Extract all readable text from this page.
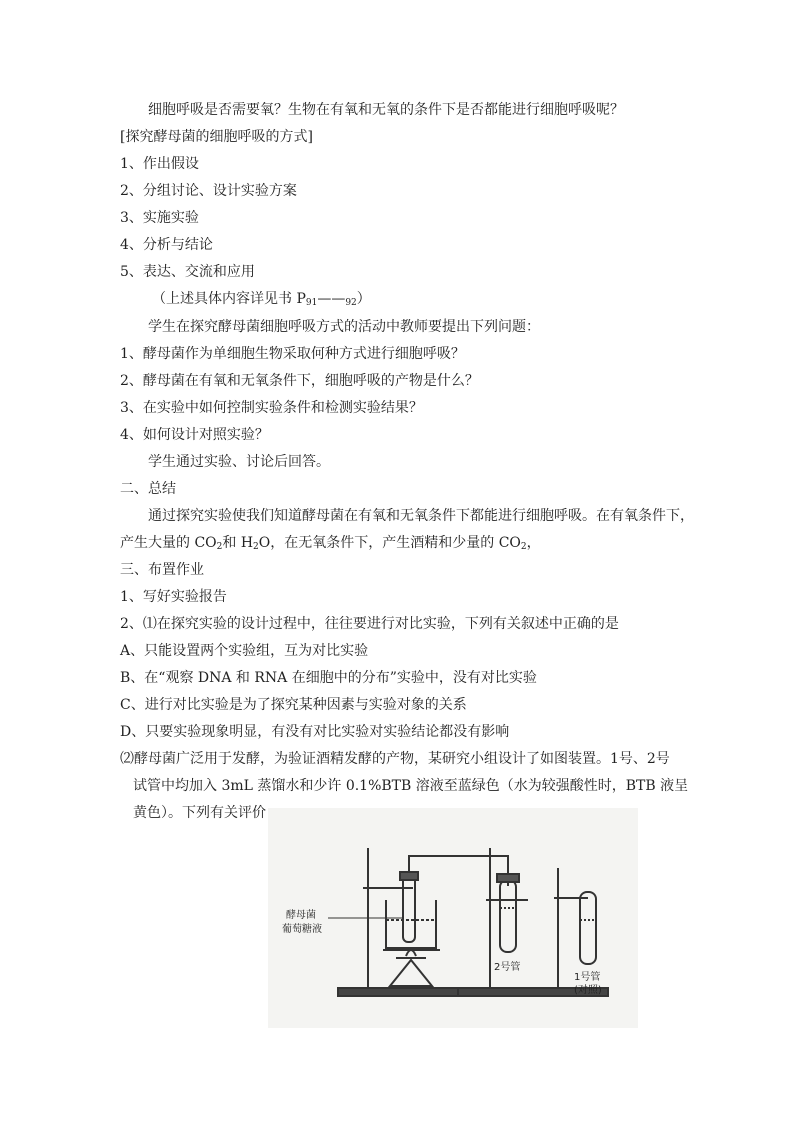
细胞呼吸是否需要氧？生物在有氧和无氧的条件下是否都能进行细胞呼吸呢？
[探究酵母菌的细胞呼吸的方式]
1、作出假设
2、分组讨论、设计实验方案
3、实施实验
4、分析与结论
5、表达、交流和应用
学生在探究酵母菌细胞呼吸方式的活动中教师要提出下列问题：
1、酵母菌作为单细胞生物采取何种方式进行细胞呼吸？
2、酵母菌在有氧和无氧条件下，细胞呼吸的产物是什么？
3、在实验中如何控制实验条件和检测实验结果？
4、如何设计对照实验？
学生通过实验、讨论后回答。
二、总结
通过探究实验使我们知道酵母菌在有氧和无氧条件下都能进行细胞呼吸。在有氧条件下，
三、布置作业
1、写好实验报告
2、⑴在探究实验的设计过程中，往往要进行对比实验，下列有关叙述中正确的是
A、只能设置两个实验组，互为对比实验
B、在“观察 DNA 和 RNA 在细胞中的分布”实验中，没有对比实验
C、进行对比实验是为了探究某种因素与实验对象的关系
D、只要实验现象明显，有没有对比实验对实验结论都没有影响
⑵酵母菌广泛用于发酵，为验证酒精发酵的产物，某研究小组设计了如图装置。1号、2号
试管中均加入 3mL 蒸馏水和少许 0.1%BTB 溶液至蓝绿色（水为较强酸性时，BTB 液呈
黄色）。下列有关评价
（上述具体内容详见书 $P_{91}——_{92}$）
产生大量的 $CO_2$和 $H_2O$，在无氧条件下，产生酒精和少量的 $CO_2$，
酵母菌
葡萄糖液
2号管
1号管
(对照)
